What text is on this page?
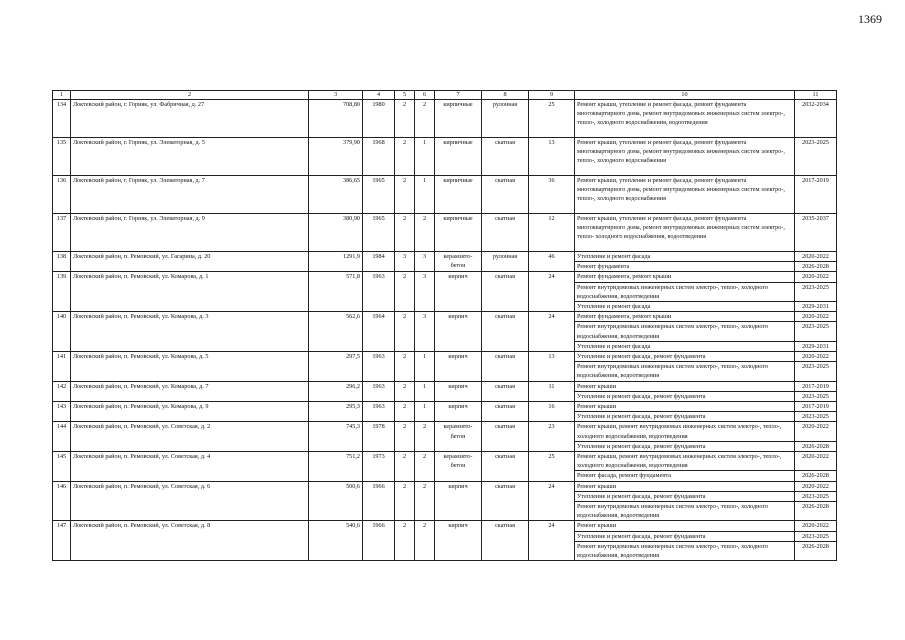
1369
1	2	3	4	5	6	7	8	9	10	11
134	Локтевский район, г. Горняк, ул. Фабричная, д. 27	708,80	1980	2	2	кирпичные	рулонная	25	Ремонт крыши, утепление и ремонт фасада, ремонт фундамента многоквартирного дома, ремонт внутридомовых инженерных систем электро-, тепло-, холодного водоснабжения, водоотведения	2032-2034
135	Локтевский район, г. Горняк, ул. Элеваторная, д. 5	379,90	1968	2	1	кирпичные	скатная	13	Ремонт крыши, утепление и ремонт фасада, ремонт фундамента многоквартирного дома, ремонт внутридомовых инженерных систем электро-, тепло-, холодного водоснабжения	2023-2025
136	Локтевский район, г. Горняк, ул. Элеваторная, д. 7	386,65	1965	2	1	кирпичные	скатная	36	Ремонт крыши, утепление и ремонт фасада, ремонт фундамента многоквартирного дома, ремонт внутридомовых инженерных систем электро-, тепло-, холодного водоснабжения	2017-2019
137	Локтевский район, г. Горняк, ул. Элеваторная, д. 9	380,90	1965	2	2	кирпичные	скатная	12	Ремонт крыши, утепление и ремонт фасада, ремонт фундамента многоквартирного дома, ремонт внутридомовых инженерных систем электро-, тепло- холодного водоснабжения, водоотведения	2035-2037
138	Локтевский район, п. Ремовский, ул. Гагарина, д. 20	1291,9	1984	3	3	керамзито-бетон	рулонная	46	Утепление и ремонт фасада	2020-2022
									Ремонт фундамента	2026-2028
139	Локтевский район, п. Ремовский, ул. Комарова, д. 1	571,8	1963	2	3	кирпич	скатная	24	Ремонт фундамента, ремонт крыши	2020-2022
									Ремонт внутридомовых инженерных систем электро-, тепло-, холодного водоснабжения, водоотведения	2023-2025
									Утепление и ремонт фасада	2029-2031
140	Локтевский район, п. Ремовский, ул. Комарова, д. 3	562,6	1964	2	3	кирпич	скатная	24	Ремонт фундамента, ремонт крыши	2020-2022
									Ремонт внутридомовых инженерных систем электро-, тепло-, холодного водоснабжения, водоотведения	2023-2025
									Утепление и ремонт фасада	2029-2031
141	Локтевский район, п. Ремовский, ул. Комарова, д. 5	297,5	1963	2	1	кирпич	скатная	13	Утепление и ремонт фасада, ремонт фундамента	2020-2022
									Ремонт внутридомовых инженерных систем электро-, тепло-, холодного водоснабжения, водоотведения	2023-2025
142	Локтевский район, п. Ремовский, ул. Комарова, д. 7	296,2	1963	2	1	кирпич	скатная	11	Ремонт крыши	2017-2019
									Утепление и ремонт фасада, ремонт фундамента	2023-2025
143	Локтевский район, п. Ремовский, ул. Комарова, д. 9	295,3	1963	2	1	кирпич	скатная	16	Ремонт крыши	2017-2019
									Утепление и ремонт фасада, ремонт фундамента	2023-2025
144	Локтевский район, п. Ремовский, ул. Советская, д. 2	745,3	1978	2	2	керамзито-бетон	скатная	23	Ремонт крыши, ремонт внутридомовых инженерных систем электро-, тепло-, холодного водоснабжения, водоотведения	2020-2022
									Утепление и ремонт фасада, ремонт фундамента	2026-2028
145	Локтевский район, п. Ремовский, ул. Советская, д. 4	751,2	1973	2	2	керамзито-бетон	скатная	25	Ремонт крыши, ремонт внутридомовых инженерных систем электро-, тепло-, холодного водоснабжения, водоотведения	2020-2022
									Ремонт фасада, ремонт фундамента	2026-2028
146	Локтевский район, п. Ремовский, ул. Советская, д. 6	500,6	1966	2	2	кирпич	скатная	24	Ремонт крыши	2020-2022
									Утепление и ремонт фасада, ремонт фундамента	2023-2025
									Ремонт внутридомовых инженерных систем электро-, тепло-, холодного водоснабжения, водоотведения	2026-2028
147	Локтевский район, п. Ремовский, ул. Советская, д. 8	540,6	1966	2	2	кирпич	скатная	24	Ремонт крыши	2020-2022
									Утепление и ремонт фасада, ремонт фундамента	2023-2025
									Ремонт внутридомовых инженерных систем электро-, тепло-, холодного водоснабжения, водоотведения	2026-2028
